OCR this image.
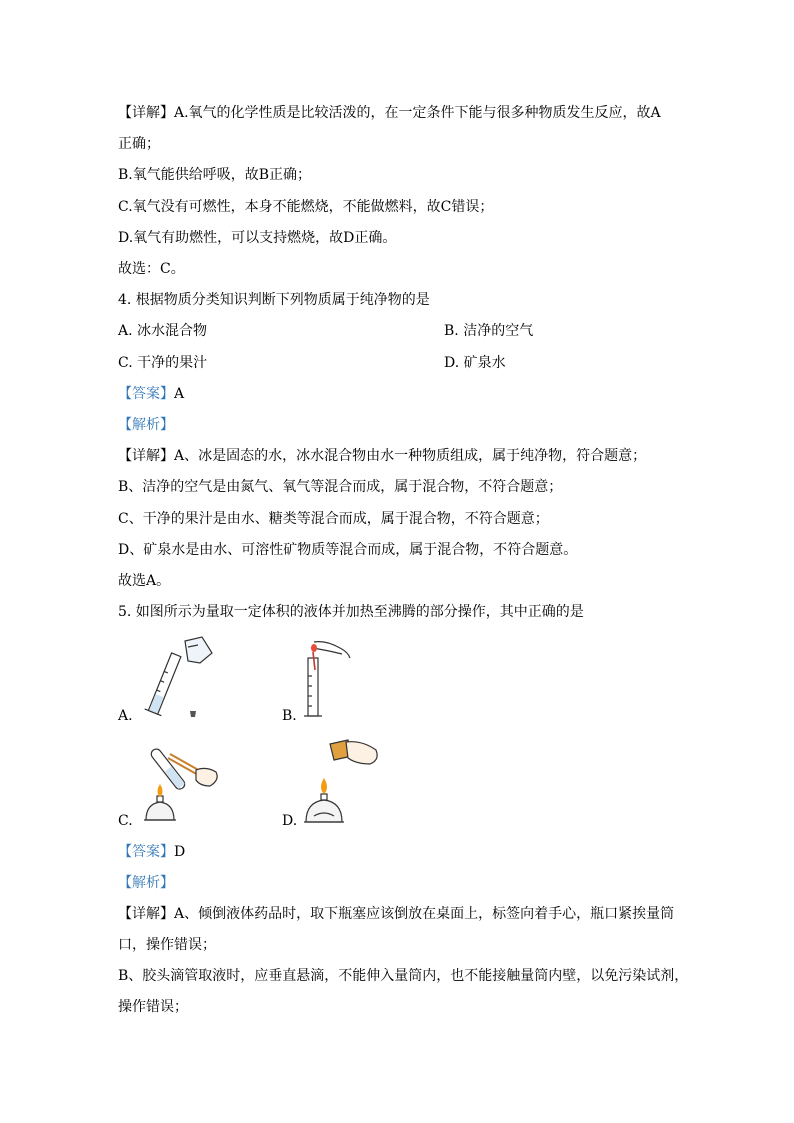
【详解】A.氧气的化学性质是比较活泼的，在一定条件下能与很多种物质发生反应，故A
正确；
B.氧气能供给呼吸，故B正确；
C.氧气没有可燃性，本身不能燃烧，不能做燃料，故C错误；
D.氧气有助燃性，可以支持燃烧，故D正确。
故选：C。
4. 根据物质分类知识判断下列物质属于纯净物的是
A. 冰水混合物	B. 洁净的空气
C. 干净的果汁	D. 矿泉水
【答案】A
【解析】
【详解】A、冰是固态的水，冰水混合物由水一种物质组成，属于纯净物，符合题意；
B、洁净的空气是由氮气、氧气等混合而成，属于混合物，不符合题意；
C、干净的果汁是由水、糖类等混合而成，属于混合物，不符合题意；
D、矿泉水是由水、可溶性矿物质等混合而成，属于混合物，不符合题意。
故选A。
5. 如图所示为量取一定体积的液体并加热至沸腾的部分操作，其中正确的是
A.	B.
C.	D.
【答案】D
【解析】
【详解】A、倾倒液体药品时，取下瓶塞应该倒放在桌面上，标签向着手心，瓶口紧挨量筒
口，操作错误；
B、胶头滴管取液时，应垂直悬滴，不能伸入量筒内，也不能接触量筒内壁，以免污染试剂，
操作错误；
